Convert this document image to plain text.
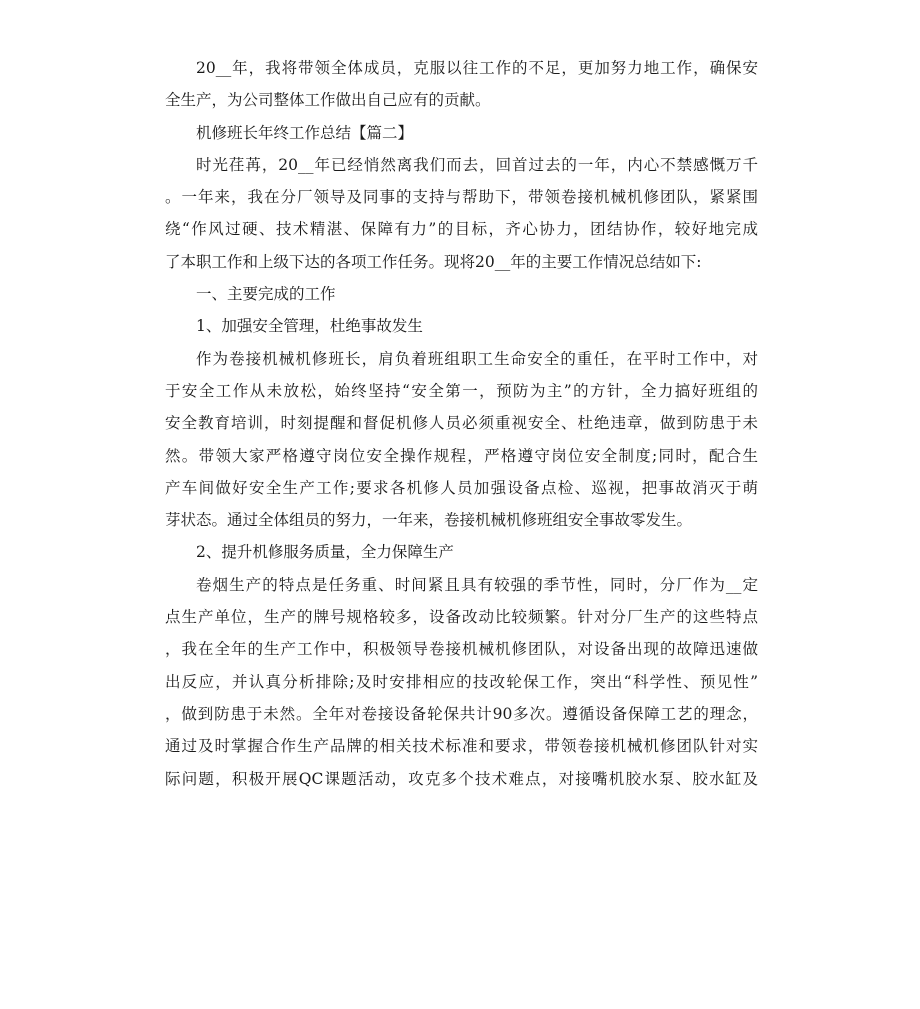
20__年，我将带领全体成员，克服以往工作的不足，更加努力地工作，确保安
全生产，为公司整体工作做出自己应有的贡献。
机修班长年终工作总结【篇二】
时光荏苒，20__年已经悄然离我们而去，回首过去的一年，内心不禁感慨万千
。一年来，我在分厂领导及同事的支持与帮助下，带领卷接机械机修团队，紧紧围
绕“作风过硬、技术精湛、保障有力”的目标，齐心协力，团结协作，较好地完成
了本职工作和上级下达的各项工作任务。现将20__年的主要工作情况总结如下:
一、主要完成的工作
1、加强安全管理，杜绝事故发生
作为卷接机械机修班长，肩负着班组职工生命安全的重任，在平时工作中，对
于安全工作从未放松，始终坚持“安全第一，预防为主”的方针，全力搞好班组的
安全教育培训，时刻提醒和督促机修人员必须重视安全、杜绝违章，做到防患于未
然。带领大家严格遵守岗位安全操作规程，严格遵守岗位安全制度;同时，配合生
产车间做好安全生产工作;要求各机修人员加强设备点检、巡视，把事故消灭于萌
芽状态。通过全体组员的努力，一年来，卷接机械机修班组安全事故零发生。
2、提升机修服务质量，全力保障生产
卷烟生产的特点是任务重、时间紧且具有较强的季节性，同时，分厂作为__定
点生产单位，生产的牌号规格较多，设备改动比较频繁。针对分厂生产的这些特点
，我在全年的生产工作中，积极领导卷接机械机修团队，对设备出现的故障迅速做
出反应，并认真分析排除;及时安排相应的技改轮保工作，突出“科学性、预见性”
，做到防患于未然。全年对卷接设备轮保共计90多次。遵循设备保障工艺的理念，
通过及时掌握合作生产品牌的相关技术标准和要求，带领卷接机械机修团队针对实
际问题，积极开展QC课题活动，攻克多个技术难点，对接嘴机胶水泵、胶水缸及
